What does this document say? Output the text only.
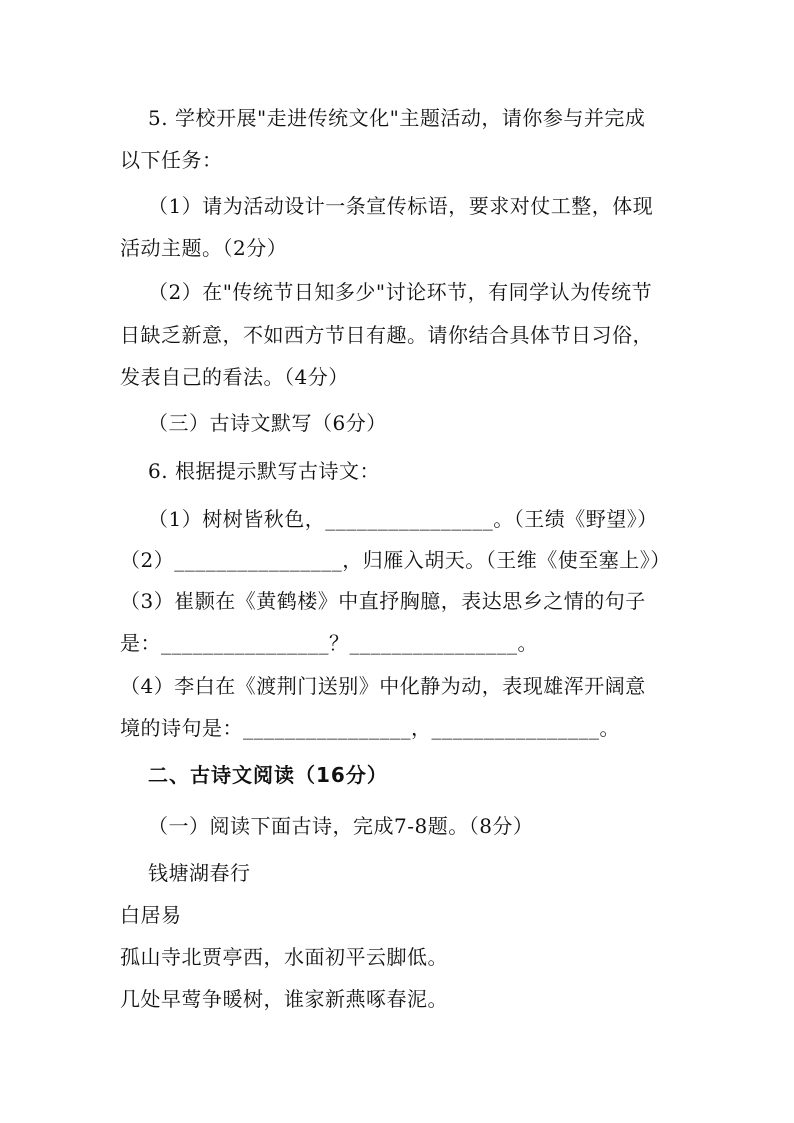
5. 学校开展"走进传统文化"主题活动，请你参与并完成
以下任务：
（1）请为活动设计一条宣传标语，要求对仗工整，体现
活动主题。（2分）
（2）在"传统节日知多少"讨论环节，有同学认为传统节
日缺乏新意，不如西方节日有趣。请你结合具体节日习俗，
发表自己的看法。（4分）
（三）古诗文默写（6分）
6. 根据提示默写古诗文：
（1）树树皆秋色，________________。（王绩《野望》）
（2）________________，归雁入胡天。（王维《使至塞上》）
（3）崔颢在《黄鹤楼》中直抒胸臆，表达思乡之情的句子
是：________________？________________。
（4）李白在《渡荆门送别》中化静为动，表现雄浑开阔意
境的诗句是：________________，________________。
二、古诗文阅读（16分）
（一）阅读下面古诗，完成7-8题。（8分）
钱塘湖春行
白居易
孤山寺北贾亭西，水面初平云脚低。
几处早莺争暖树，谁家新燕啄春泥。
